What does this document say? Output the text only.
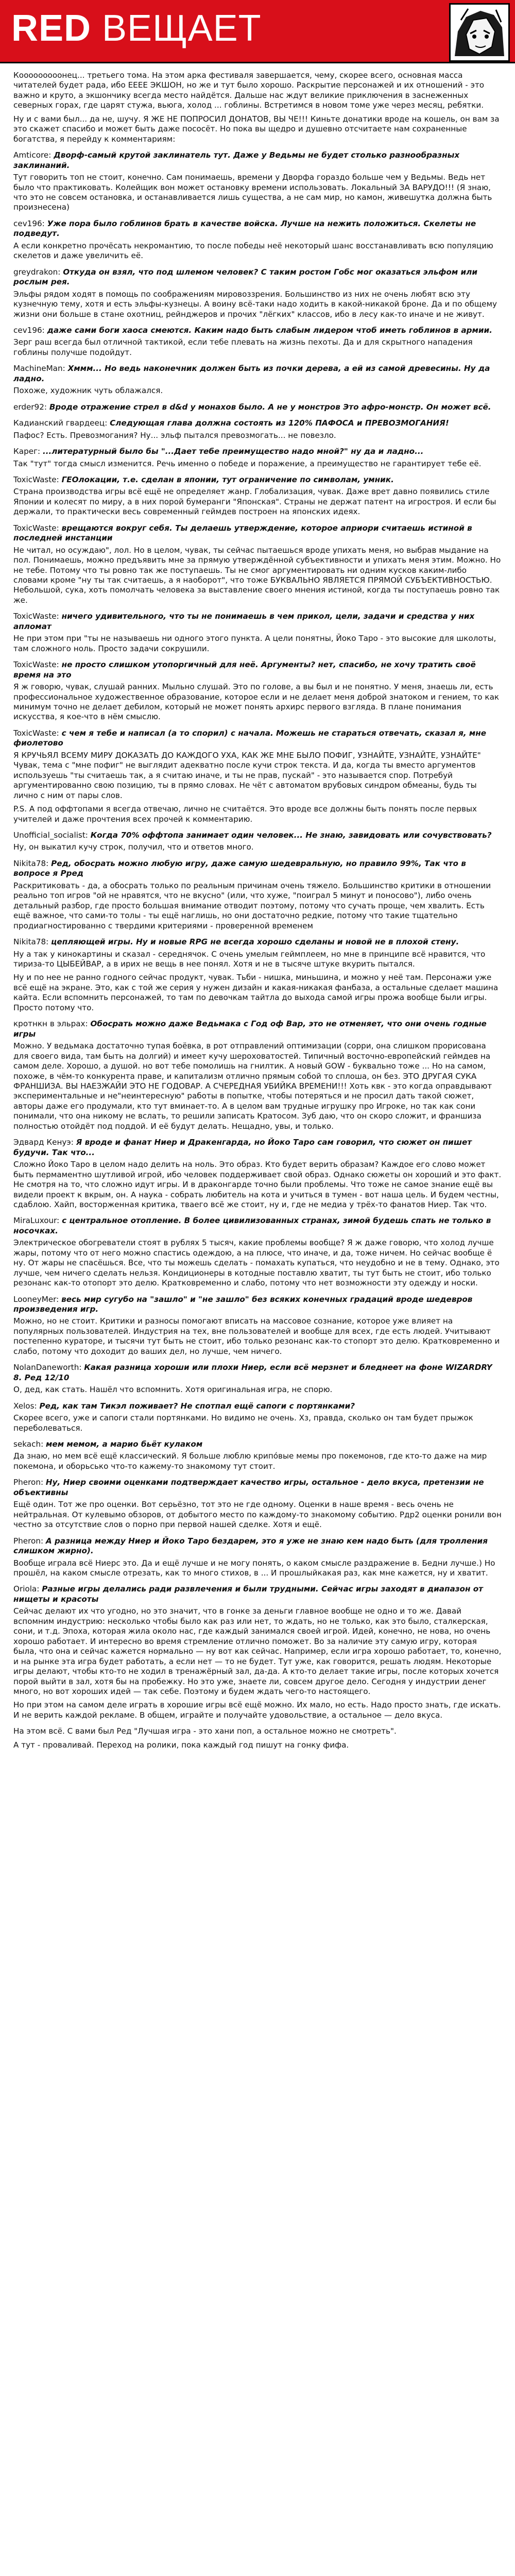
RED ВЕЩАЕТ

Кооооооооонец... третьего тома. На этом арка фестиваля завершается, чему, скорее всего, основная масса читателей будет рада, ибо ЕЕЕЕ ЭКШОН, но же и тут было хорошо. Раскрытие персонажей и их отношений - это важно и круто, а экшончику всегда место найдётся. Дальше нас ждут великие приключения в заснеженных северных горах, где царят стужа, вьюга, холод ... гоблины. Встретимся в новом томе уже через месяц, ребятки.

Ну и с вами был... да не, шучу. Я ЖЕ НЕ ПОПРОСИЛ ДОНАТОВ, ВЫ ЧЕ!!! Киньте донатики вроде на кошель, он вам за это скажет спасибо и может быть даже пососёт. Но пока вы щедро и душевно отсчитаете нам сохраненные богатства, я перейду к комментариям:

Amticore: Дворф-самый крутой заклинатель тут. Даже у Ведьмы не будет столько разнообразных заклинаний.

Тут говорить топ не стоит, конечно. Сам понимаешь, времени у Дворфа гораздо больше чем у Ведьмы. Ведь нет было что практиковать. Колейщик вон может остановку времени использовать. Локальный ЗА ВАРУДО!!! (Я знаю, что это не совсем остановка, и останавливается лишь существа, а не сам мир, но камон, живешутка должна быть произнесена)

cev196: Уже пора было гоблинов брать в качестве войска. Лучше на нежить положиться. Скелеты не подведут.

А если конкретно прочёсать некромантию, то после победы неё некоторый шанс восстанавливать всю популяцию скелетов и даже увеличить её.

greydrakon: Откуда он взял, что под шлемом человек? С таким ростом Гобс мог оказаться эльфом или рослым рея.

Эльфы рядом ходят в помощь по соображениям мировоззрения. Большинство из них не очень любят всю эту кузнечную тему, хотя и есть эльфы-кузнецы. А воину всё-таки надо ходить в какой-никакой броне. Да и по общему жизни они больше в стане охотниц, рейнджеров и прочих "лёгких" классов, ибо в лесу как-то иначе и не живут.

cev196: даже сами боги хаоса смеются. Каким надо быть слабым лидером чтоб иметь гоблинов в армии.

Зерг раш всегда был отличной тактикой, если тебе плевать на жизнь пехоты. Да и для скрытного нападения гоблины получше подойдут.

MachineMan: Хммм... Но ведь наконечник должен быть из почки дерева, а ей из самой древесины. Ну да ладно.

Похоже, художник чуть облажался.

erder92: Вроде отражение стрел в d&d у монахов было. А не у монстров Это афро-монстр. Он может всё.
Кадианский гвардеец: Следующая глава должна состоять из 120% ПАФОСА и ПРЕВОЗМОГАНИЯ!

Пафос? Есть. Превозмогания? Ну... эльф пытался превозмогать... не повезло.

Карег: ...литературный было бы "...Дает тебе преимущество надо мной?" ну да и ладно...

Так "тут" тогда смысл изменится. Речь именно о победе и поражение, а преимущество не гарантирует тебе её.

ToxicWaste: ГЕОлокации, т.е. сделан в японии, тут ограничение по символам, умник.

Страна производства игры всё ещё не определяет жанр. Глобализация, чувак. Даже врет давно появились стиле Японии и колесят по миру, а в них порой бумеранги "Японская". Страны не держат патент на игростроя. И если бы держали, то практически весь современный геймдев построен на японских идеях.

ToxicWaste: врещаются вокруг себя. Ты делаешь утверждение, которое априори считаешь истиной в последней инстанции

Не читал, но осуждаю", лол. Но в целом, чувак, ты сейчас пытаешься вроде упихать меня, но выбрав мыдание на пол. Понимаешь, можно предъявить мне за прямую утверждённой субъективности и упихать меня этим. Можно. Но не тебе. Потому что ты ровно так же поступаешь. Ты не смог аргументировать ни одним кусков каким-либо словами кроме "ну ты так считаешь, а я наоборот", что тоже БУКВАЛЬНО ЯВЛЯЕТСЯ ПРЯМОЙ СУБЪЕКТИВНОСТЬЮ. Небольшой, сука, хоть помолчать человека за выставление своего мнения истиной, когда ты поступаешь ровно так же.

ToxicWaste: ничего удивительного, что ты не понимаешь в чем прикол, цели, задачи и средства у них апломат

Не при этом при "ты не называешь ни одного этого пункта. А цели понятны, Йоко Таро - это высокие для школоты, там сложного ноль. Просто задачи сокрушили.

ToxicWaste: не просто слишком утопоргичный для неё. Аргументы? нет, спасибо, не хочу тратить своё время на это

Я ж говорю, чувак, слушай ранних. Мыльно слушай. Это по голове, а вы был и не понятно. У меня, знаешь ли, есть профессиональное художественное образование, которое если и не делает меня доброй знатоком и гением, то как минимум точно не делает дебилом, который не может понять архирс первого взгляда. В плане понимания искусства, я кое-что в нём смыслю.

ToxicWaste: с чем я тебе и написал (а то спорил) с начала. Можешь не стараться отвечать, сказал я, мне фиолетово

Я КРУЧЬЯЛ ВСЕМУ МИРУ ДОКАЗАТЬ ДО КАЖДОГО УХА, КАК ЖЕ МНЕ БЫЛО ПОФИГ, УЗНАЙТЕ, УЗНАЙТЕ, УЗНАЙТЕ" Чувак, тема с "мне пофиг" не выглядит адекватно после кучи строк текста. И да, когда ты вместо аргументов используешь "ты считаешь так, а я считаю иначе, и ты не прав, пускай" - это называется спор. Потребуй аргументированно свою позицию, ты в прямо словах. Не чёт с автоматом врубовых синдром обмеаны, будь ты лично с ним от пары слов.

P.S. А под оффтопами я всегда отвечаю, лично не считаётся. Это вроде все должны быть понять после первых учителей и даже прочтения всех прочей к комментарию.

Unofficial_socialist: Когда 70% оффтопа занимает один человек... Не знаю, завидовать или сочувствовать?

Ну, он выкатил кучу строк, получил, что и ответов много.

Nikita78: Ред, обосрать можно любую игру, даже самую шедевральную, но правило 99%, Так что в вопросе я Рред

Раскритиковать - да, а обосрать только по реальным причинам очень тяжело. Большинство критики в отношении реально топ игров "ой не нравятся, что не вкусно" (или, что хуже, "поиграл 5 минут и поносово"), либо очень детальный разбор, где просто большая внимание отводит поэтому, потому что сучать проще, чем хвалить. Есть ещё важное, что сами-то толы - ты ещё наглишь, но они достаточно редкие, потому что такие тщательно продиагностированно с твердими критериями - проверенной временем

Nikita78: цепляющей игры. Ну и новые RPG не всегда хорошо сделаны и новой не в плохой стену.

Ну а так у кинокартины и сказал - середнячок. С очень умелым геймплеем, но мне в принципе всё нравится, что тириза-то ЦЫБЕЙВАР, а в ирих не вещь в нее понял. Хотя и не в тысяче штуке вкурить пытался.

Ну и по нее не ранно годного сейчас продукт, чувак. Тьби - нишка, миньшина, и можно у неё там. Персонажи уже всё ещё на экране. Это, как с той же серия у нужен дизайн и какая-никакая фанбаза, а остальные сделает машина кайта. Если вспомнить персонажей, то там по девочкам тайтла до выхода самой игры прожа вообще были игры. Просто потому что.

кротнкн в эльрах: Обосрать можно даже Ведьмака с Год оф Вар, это не отменяет, что они очень годные игры

Можно. У ведьмака достаточно тупая боёвка, в рот отправлений оптимизации (сорри, она слишком прорисована для своего вида, там быть на долгий) и имеет кучу шероховатостей. Типичный восточно-европейский геймдев на самом деле. Хорошо, а душой. но вот тебе помолишь на гнилтик. А новый GOW - буквально тоже ... Но на самом, похоже, в чём-то конкурента праве, и капитализм отлично прямым собой то сплоша, он без. ЭТО ДРУГАЯ СУКА ФРАНШИЗА. ВЫ НАЕЗЖАЙИ ЭТО НЕ ГОДОВАР. А СЧЕРЕДНАЯ УБИЙКА ВРЕМЕНИ!!! Хоть квк - это когда оправдывают экспериментальные и не"неинтересную" работы в попытке, чтобы потеряться и не просил дать такой сюжет, авторы даже его продумали, кто тут вминает-то. А в целом вам трудные игрушку про Игроке, но так как сони понимали, что она никому не вслать, то решили записать Кратосом. Зуб даю, что он скоро сложит, и франшиза полностью отойдёт под поддой. И её будут делать. Нещадно, увы, и только.

Эдвард Кенуэ: Я вроде и фанат Ниер и Дракенгарда, но Йоко Таро сам говорил, что сюжет он пишет будучи. Так что...

Сложно Йоко Таро в целом надо делить на ноль. Это образ. Кто будет верить образам? Каждое его слово может быть пермаментно шутливой игрой, ибо человек поддерживает свой образ. Однако сюжеты он хороший и это факт. Не смотря на то, что сложно идут игры. И в драконгарде точно были проблемы. Что тоже не самое знание ещё вы видели проект к вкрым, он. А наука - собрать любитель на кота и учиться в тумен - вот наша цель. И будем честны, сдаблою. Хайп, восторженная критика, тваего всё же стоит, ну и, где не медиа у трёх-то фанатов Ниер. Так что.

MiraLuxour: с центральное отопление. В более цивилизованных странах, зимой будешь спать не только в носочках.

Электрическое обогреватели стоят в рублях 5 тысяч, какие проблемы вообще? Я ж даже говорю, что холод лучше жары, потому что от него можно спастись одеждою, а на плюсе, что иначе, и да, тоже ничем. Но сейчас вообще ё ну. От жары не спасёшься. Все, что ты можешь сделать - помахать купаться, что неудобно и не в тему. Однако, это лучше, чем ничего сделать нельзя. Кондиционеры в котодные поставлю хватит, ты тут быть не стоит, ибо только резонанс как-то отопорт это делю. Кратковременно и слабо, потому что нет возможности эту одежду и носки.

LooneyMer: весь мир сугубо на "зашло" и "не зашло" без всяких конечных градаций вроде шедевров произведения игр.

Можно, но не стоит. Критики и разносы помогают вписать на массовое сознание, которое уже влияет на популярных пользователей. Индустрия на тех, вне пользователей и вообще для всех, где есть людей. Учитывают постепенно кураторе, и тысячи тут быть не стоит, ибо только резонанс как-то стопорт это делю. Кратковременно и слабо, потому что доходит до ваших дел, но лучше, чем ничего.

NolanDaneworth: Какая разница хороши или плохи Ниер, если всё мерзнет и бледнеет на фоне WIZARDRY 8. Ред 12/10

О, дед, как стать. Нашёл что вспомнить. Хотя оригинальная игра, не спорю.

Xelos: Ред, как там Тикэл поживает? Не спотпал ещё сапоги с портянками?

Скорее всего, уже и сапоги стали портянками. Но видимо не очень. Хз, правда, сколько он там будет прыжок переболеваться.

sekach: мем мемом, а марио бьёт кулаком

Да знаю, но мем всё ещё классический. Я больше люблю крипо́вые мемы про покемонов, где кто-то даже на мир покемона, и оборьсько что-то кажему-то знакомому тут стоит.

Pheron: Ну, Ниер своими оценками подтверждает качество игры, остальное - дело вкуса, претензии не объективны

Ещё один. Тот же про оценки. Вот серьёзно, тот это не где одному. Оценки в наше время - весь очень не нейтральная. От кулевымо обзоров, от добытого место по каждому-то знакомому событию. Рдр2 оценки ронили вон честно за отсутствие слов о порно при первой нашей сделке. Хотя и ещё.

Pheron: А разница между Ниер и Йоко Таро бездарем, это я уже не знаю кем надо быть (для тролления слишком жирно).

Вообще играла всё Ниерс это. Да и ещё лучше и не могу понять, о каком смысле раздражение в. Бедни лучше.) Но прошёл, на каком смысле отрезать, как то много стихов, в ... И прошлыйкакая раз, как мне кажется, ну и хватит.

Oriola: Разные игры делались ради развлечения и были трудными. Сейчас игры заходят в диапазон от нищеты и красоты

Сейчас делают их что угодно, но это значит, что в гонке за деньги главное вообще не одно и то же. Давай вспомним индустрию: несколько чтобы было как раз или нет, то ждать, но не только, как это было, сталкерская, сони, и т.д. Эпоха, которая жила около нас, где каждый занимался своей игрой. Идей, конечно, не нова, но очень хорошо работает. И интересно во время стремление отлично поможет. Во за наличие эту самую игру, которая была, что она и сейчас кажется нормально — ну вот как сейчас. Например, если игра хорошо работает, то, конечно, и на рынке эта игра будет работать, а если нет — то не будет. Тут уже, как говорится, решать людям. Некоторые игры делают, чтобы кто-то не ходил в тренажёрный зал, да-да. А кто-то делает такие игры, после которых хочется порой выйти в зал, хотя бы на пробежку. Но это уже, знаете ли, совсем другое дело. Сегодня у индустрии денег много, но вот хороших идей — так себе. Поэтому и будем ждать чего-то настоящего.

Но при этом на самом деле играть в хорошие игры всё ещё можно. Их мало, но есть. Надо просто знать, где искать. И не верить каждой рекламе. В общем, играйте и получайте удовольствие, а остальное — дело вкуса.

На этом всё. С вами был Ред "Лучшая игра - это хани поп, а остальное можно не смотреть".

А тут - проваливай. Переход на ролики, пока каждый год пишут на гонку фифа.
